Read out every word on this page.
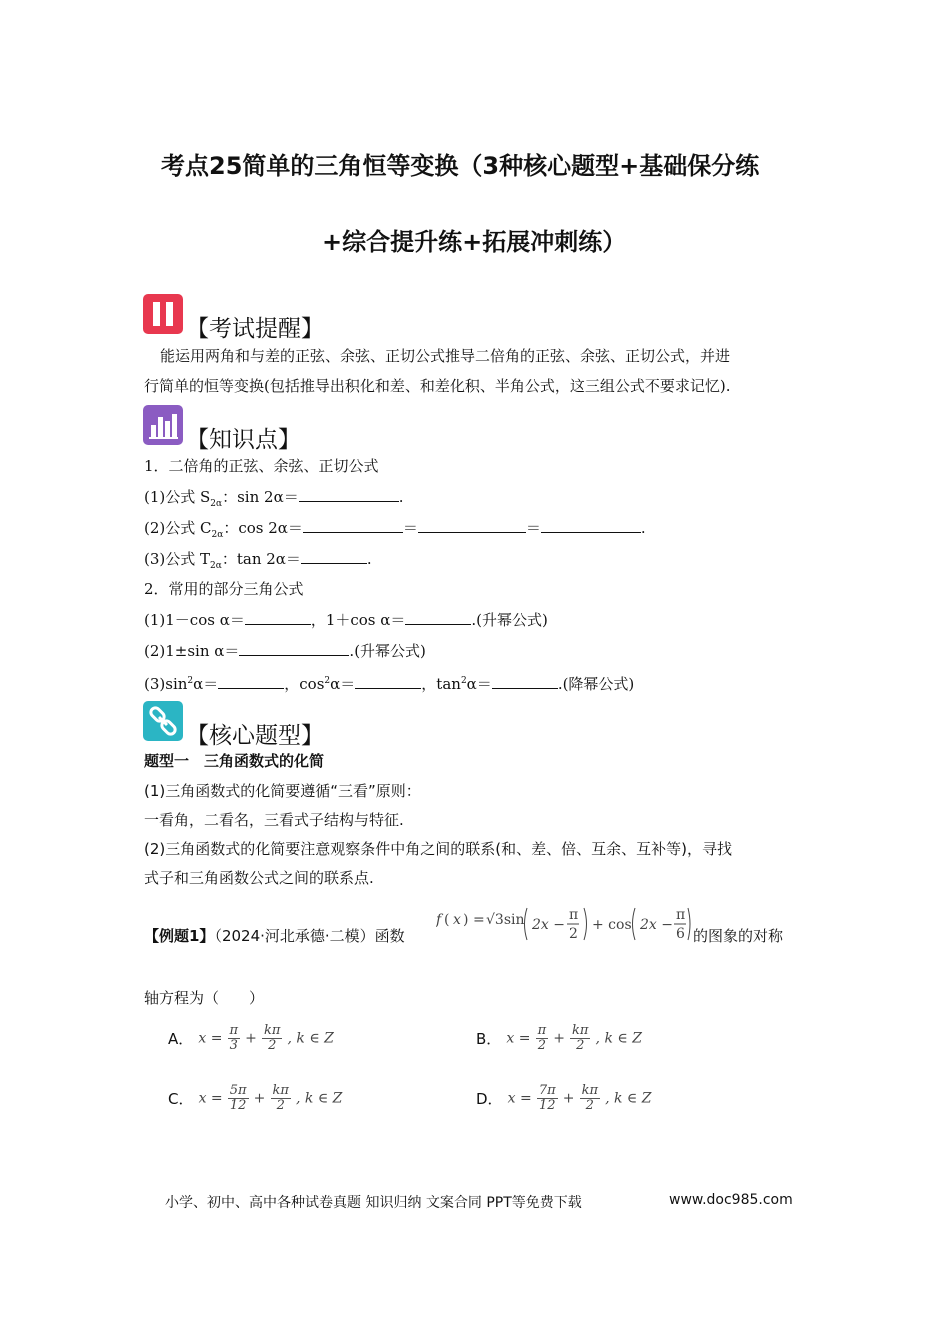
考点25简单的三角恒等变换（3种核心题型+基础保分练
+综合提升练+拓展冲刺练）
【考试提醒】
能运用两角和与差的正弦、余弦、正切公式推导二倍角的正弦、余弦、正切公式，并进
行简单的恒等变换(包括推导出积化和差、和差化积、半角公式，这三组公式不要求记忆).
【知识点】
1．二倍角的正弦、余弦、正切公式
(1)公式 $S_{2\alpha}$：sin 2α＝	.
(2)公式 $C_{2\alpha}$：cos 2α＝	＝	＝	.
(3)公式 $T_{2\alpha}$：tan 2α＝	.
2．常用的部分三角公式
(1)1－cos α＝	，1＋cos α＝	.(升幂公式)
(2)1±sin α＝	.(升幂公式)
$(3)\sin^2\alpha=$	，$\cos^2\alpha=$	，$\tan^2\alpha=$	.(降幂公式)
【核心题型】
题型一　三角函数式的化简
(1)三角函数式的化简要遵循“三看”原则：
一看角，二看名，三看式子结构与特征.
(2)三角函数式的化简要注意观察条件中角之间的联系(和、差、倍、互余、互补等)，寻找
式子和三角函数公式之间的联系点.
【例题1】（2024·河北承德·二模）函数
f ( x ) = √3sin 2x −
π
2
+ cos 2x −
π
6 的图象的对称
轴方程为（　　）
A． $x = \frac{\pi}{3} + \frac{k\pi}{2}$ , k ∈ Z	B． $x = \frac{\pi}{2} + \frac{k\pi}{2}$ , k ∈ Z
C． $x = \frac{5\pi}{12} + \frac{k\pi}{2}$ , k ∈ Z	D． $x = \frac{7\pi}{12} + \frac{k\pi}{2}$ , k ∈ Z
小学、初中、高中各种试卷真题 知识归纳 文案合同 PPT等免费下载	www.doc985.com
